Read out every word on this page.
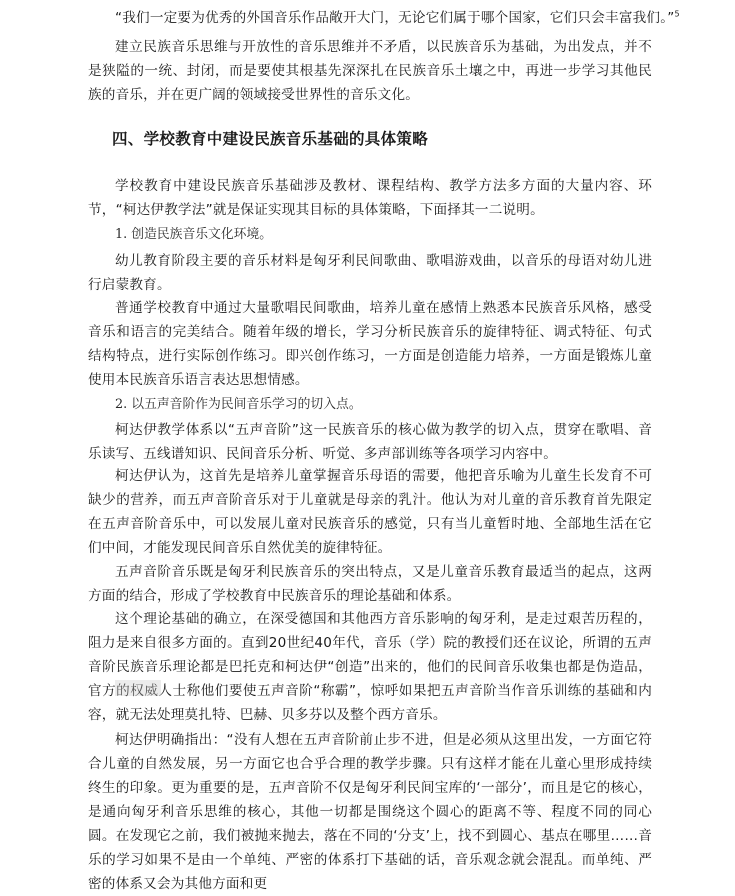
“我们一定要为优秀的外国音乐作品敞开大门，无论它们属于哪个国家，它们只会丰富我们。”$^5$

建立民族音乐思维与开放性的音乐思维并不矛盾，以民族音乐为基础，为出发点，并不是狭隘的一统、封闭，而是要使其根基先深深扎在民族音乐土壤之中，再进一步学习其他民族的音乐，并在更广阔的领域接受世界性的音乐文化。

四、学校教育中建设民族音乐基础的具体策略

学校教育中建设民族音乐基础涉及教材、课程结构、教学方法多方面的大量内容、环节，“柯达伊教学法”就是保证实现其目标的具体策略，下面择其一二说明。

1. 创造民族音乐文化环境。

幼儿教育阶段主要的音乐材料是匈牙利民间歌曲、歌唱游戏曲，以音乐的母语对幼儿进行启蒙教育。

普通学校教育中通过大量歌唱民间歌曲，培养儿童在感情上熟悉本民族音乐风格，感受音乐和语言的完美结合。随着年级的增长，学习分析民族音乐的旋律特征、调式特征、句式结构特点，进行实际创作练习。即兴创作练习，一方面是创造能力培养，一方面是锻炼儿童使用本民族音乐语言表达思想情感。

2. 以五声音阶作为民间音乐学习的切入点。

柯达伊教学体系以“五声音阶”这一民族音乐的核心做为教学的切入点，贯穿在歌唱、音乐读写、五线谱知识、民间音乐分析、听觉、多声部训练等各项学习内容中。

柯达伊认为，这首先是培养儿童掌握音乐母语的需要，他把音乐喻为儿童生长发育不可缺少的营养，而五声音阶音乐对于儿童就是母亲的乳汁。他认为对儿童的音乐教育首先限定在五声音阶音乐中，可以发展儿童对民族音乐的感觉，只有当儿童暂时地、全部地生活在它们中间，才能发现民间音乐自然优美的旋律特征。

五声音阶音乐既是匈牙利民族音乐的突出特点，又是儿童音乐教育最适当的起点，这两方面的结合，形成了学校教育中民族音乐的理论基础和体系。

这个理论基础的确立，在深受德国和其他西方音乐影响的匈牙利，是走过艰苦历程的，阻力是来自很多方面的。直到20世纪40年代，音乐（学）院的教授们还在议论，所谓的五声音阶民族音乐理论都是巴托克和柯达伊“创造”出来的，他们的民间音乐收集也都是伪造品，官方的权威人士称他们要使五声音阶“称霸”，惊呼如果把五声音阶当作音乐训练的基础和内容，就无法处理莫扎特、巴赫、贝多芬以及整个西方音乐。

柯达伊明确指出：“没有人想在五声音阶前止步不进，但是必须从这里出发，一方面它符合儿童的自然发展，另一方面它也合乎合理的教学步骤。只有这样才能在儿童心里形成持续终生的印象。更为重要的是，五声音阶不仅是匈牙利民间宝库的‘一部分’，而且是它的核心，是通向匈牙利音乐思维的核心，其他一切都是围绕这个圆心的距离不等、程度不同的同心圆。在发现它之前，我们被抛来抛去，落在不同的‘分支’上，找不到圆心、基点在哪里……音乐的学习如果不是由一个单纯、严密的体系打下基础的话，音乐观念就会混乱。而单纯、严密的体系又会为其他方面和更
